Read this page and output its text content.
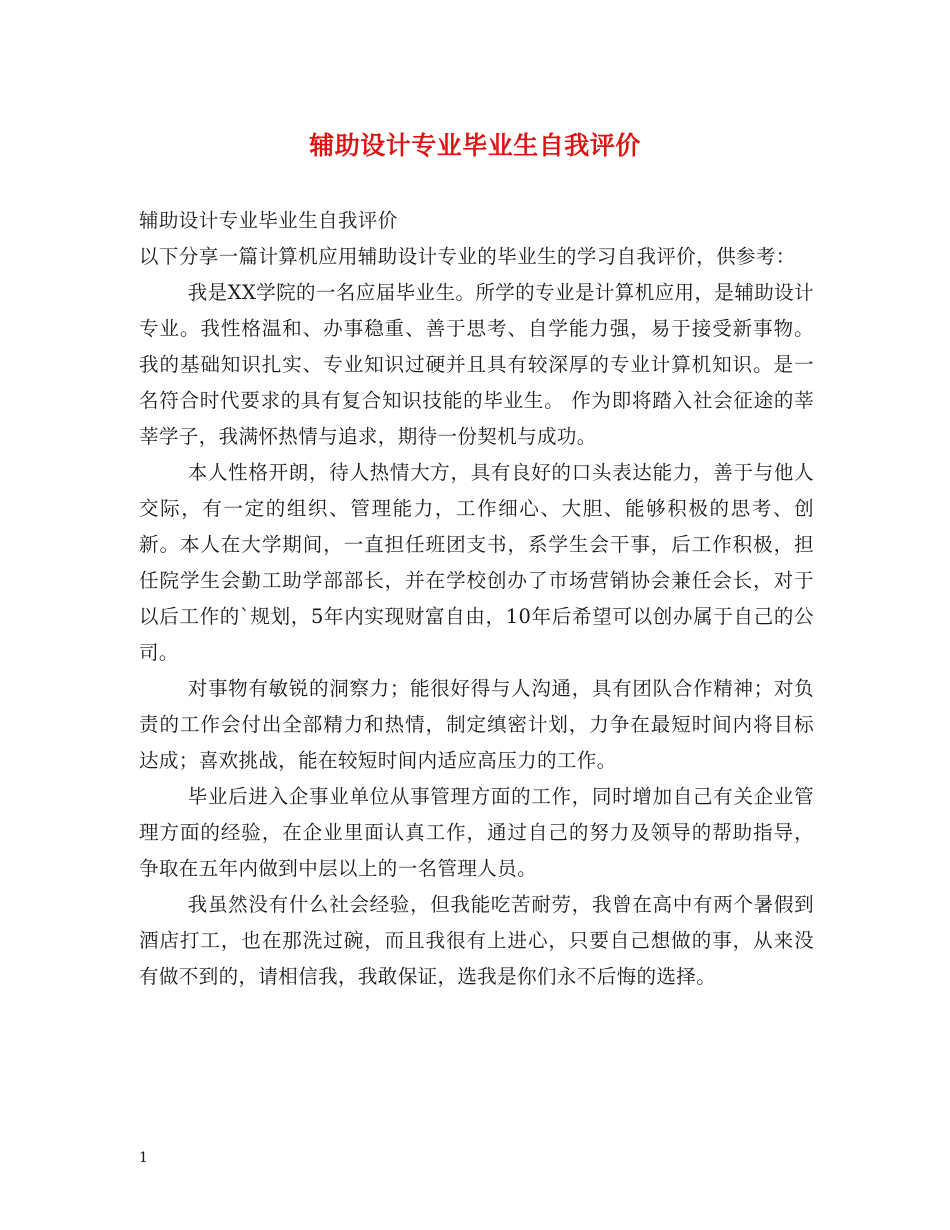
辅助设计专业毕业生自我评价

辅助设计专业毕业生自我评价

以下分享一篇计算机应用辅助设计专业的毕业生的学习自我评价，供参考：

我是XX学院的一名应届毕业生。所学的专业是计算机应用，是辅助设计专业。我性格温和、办事稳重、善于思考、自学能力强，易于接受新事物。我的基础知识扎实、专业知识过硬并且具有较深厚的专业计算机知识。是一名符合时代要求的具有复合知识技能的毕业生。 作为即将踏入社会征途的莘莘学子，我满怀热情与追求，期待一份契机与成功。

本人性格开朗，待人热情大方，具有良好的口头表达能力，善于与他人交际，有一定的组织、管理能力，工作细心、大胆、能够积极的思考、创新。本人在大学期间，一直担任班团支书，系学生会干事，后工作积极，担任院学生会勤工助学部部长，并在学校创办了市场营销协会兼任会长，对于以后工作的`规划，5年内实现财富自由，10年后希望可以创办属于自己的公司。

对事物有敏锐的洞察力；能很好得与人沟通，具有团队合作精神；对负责的工作会付出全部精力和热情，制定缜密计划，力争在最短时间内将目标达成；喜欢挑战，能在较短时间内适应高压力的工作。

毕业后进入企事业单位从事管理方面的工作，同时增加自己有关企业管理方面的经验，在企业里面认真工作，通过自己的努力及领导的帮助指导，争取在五年内做到中层以上的一名管理人员。

我虽然没有什么社会经验，但我能吃苦耐劳，我曾在高中有两个暑假到酒店打工，也在那洗过碗，而且我很有上进心，只要自己想做的事，从来没有做不到的，请相信我，我敢保证，选我是你们永不后悔的选择。

1
